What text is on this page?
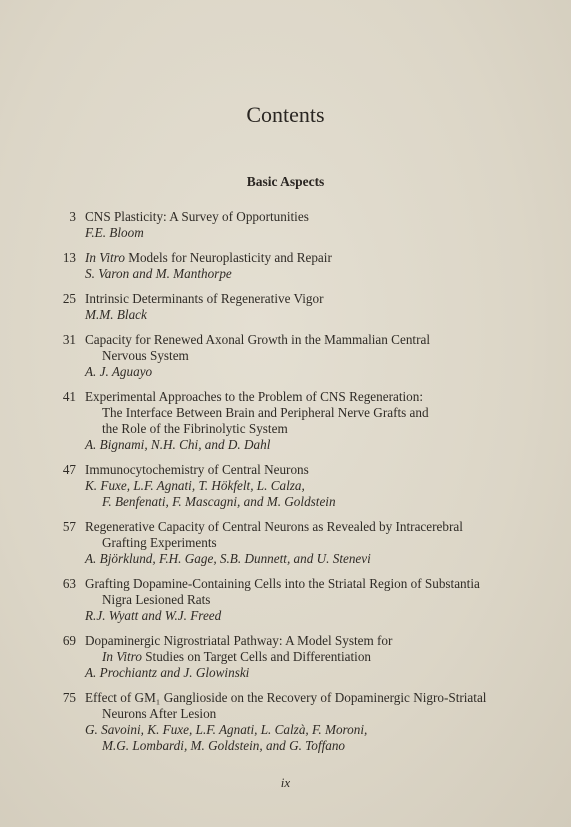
Contents
Basic Aspects
3 CNS Plasticity: A Survey of Opportunities
F.E. Bloom
13 In Vitro Models for Neuroplasticity and Repair
S. Varon and M. Manthorpe
25 Intrinsic Determinants of Regenerative Vigor
M.M. Black
31 Capacity for Renewed Axonal Growth in the Mammalian Central
Nervous System
A. J. Aguayo
41 Experimental Approaches to the Problem of CNS Regeneration:
The Interface Between Brain and Peripheral Nerve Grafts and
the Role of the Fibrinolytic System
A. Bignami, N.H. Chi, and D. Dahl
47 Immunocytochemistry of Central Neurons
K. Fuxe, L.F. Agnati, T. Hökfelt, L. Calza,
F. Benfenati, F. Mascagni, and M. Goldstein
57 Regenerative Capacity of Central Neurons as Revealed by Intracerebral
Grafting Experiments
A. Björklund, F.H. Gage, S.B. Dunnett, and U. Stenevi
63 Grafting Dopamine-Containing Cells into the Striatal Region of Substantia
Nigra Lesioned Rats
R.J. Wyatt and W.J. Freed
69 Dopaminergic Nigrostriatal Pathway: A Model System for
In Vitro Studies on Target Cells and Differentiation
A. Prochiantz and J. Glowinski
75 Effect of GM₁ Ganglioside on the Recovery of Dopaminergic Nigro-Striatal
Neurons After Lesion
G. Savoini, K. Fuxe, L.F. Agnati, L. Calzà, F. Moroni,
M.G. Lombardi, M. Goldstein, and G. Toffano
ix
